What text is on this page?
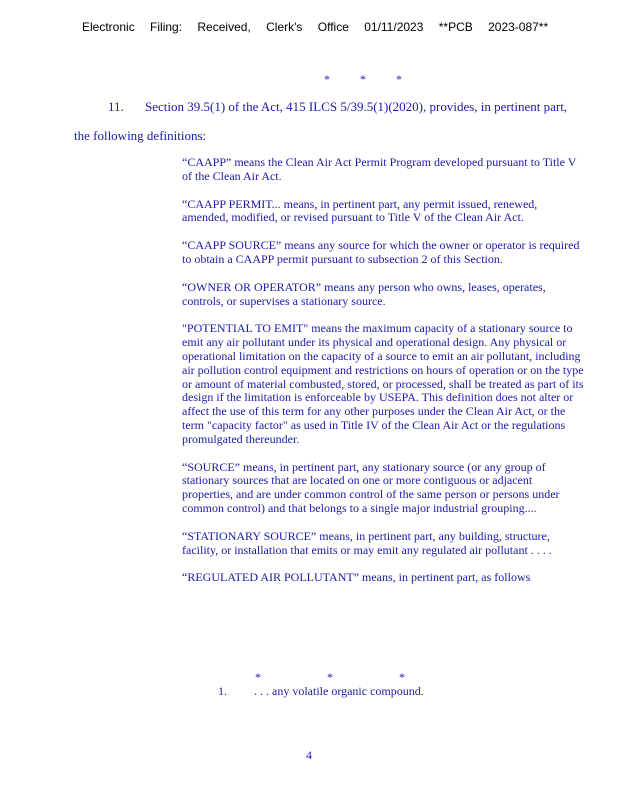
Electronic Filing: Received, Clerk's Office 01/11/2023 **PCB 2023-087**
*	*	*
11. Section 39.5(1) of the Act, 415 ILCS 5/39.5(1)(2020), provides, in pertinent part,
the following definitions:

“CAAPP” means the Clean Air Act Permit Program developed pursuant to Title V of the Clean Air Act.

“CAAPP PERMIT... means, in pertinent part, any permit issued, renewed, amended, modified, or revised pursuant to Title V of the Clean Air Act.

“CAAPP SOURCE” means any source for which the owner or operator is required to obtain a CAAPP permit pursuant to subsection 2 of this Section.

“OWNER OR OPERATOR” means any person who owns, leases, operates, controls, or supervises a stationary source.

"POTENTIAL TO EMIT" means the maximum capacity of a stationary source to emit any air pollutant under its physical and operational design. Any physical or operational limitation on the capacity of a source to emit an air pollutant, including air pollution control equipment and restrictions on hours of operation or on the type or amount of material combusted, stored, or processed, shall be treated as part of its design if the limitation is enforceable by USEPA. This definition does not alter or affect the use of this term for any other purposes under the Clean Air Act, or the term "capacity factor" as used in Title IV of the Clean Air Act or the regulations promulgated thereunder.

“SOURCE” means, in pertinent part, any stationary source (or any group of stationary sources that are located on one or more contiguous or adjacent properties, and are under common control of the same person or persons under common control) and that belongs to a single major industrial grouping....

“STATIONARY SOURCE” means, in pertinent part, any building, structure, facility, or installation that emits or may emit any regulated air pollutant . . . .

“REGULATED AIR POLLUTANT” means, in pertinent part, as follows

*	*	*
1. . . . any volatile organic compound.
4
